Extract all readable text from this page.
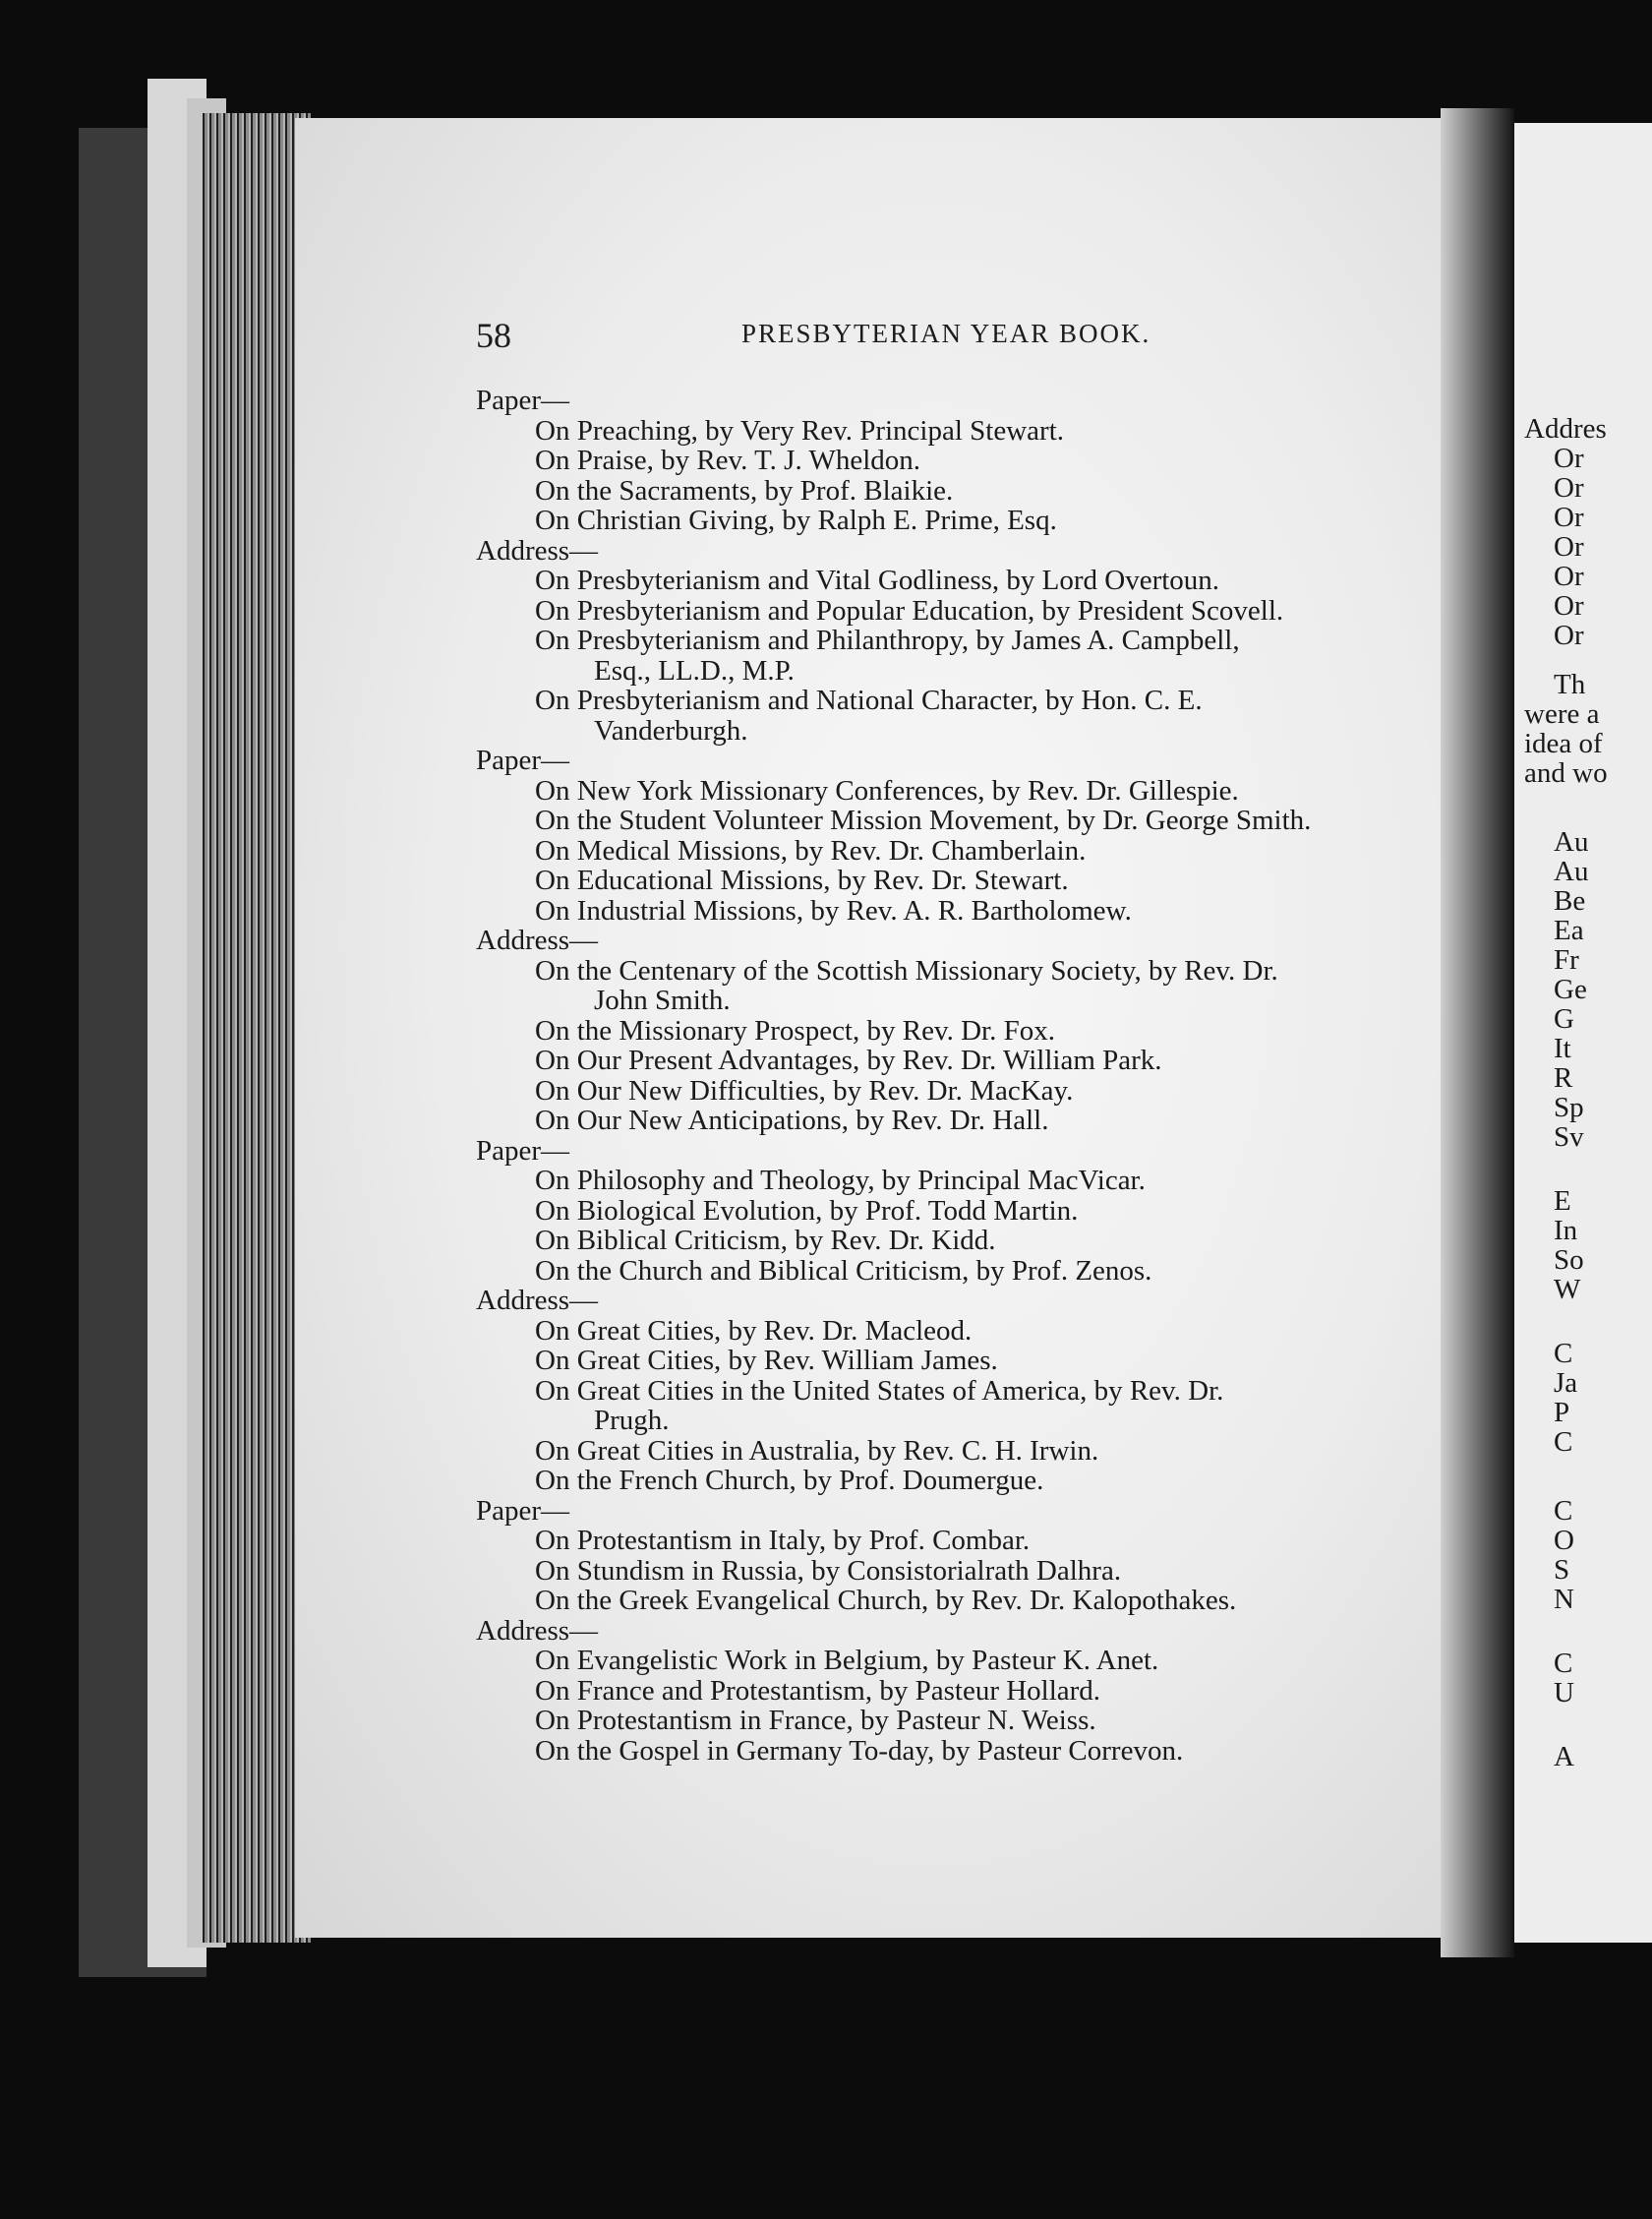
58	PRESBYTERIAN YEAR BOOK.
Paper—
On Preaching, by Very Rev. Principal Stewart.
On Praise, by Rev. T. J. Wheldon.
On the Sacraments, by Prof. Blaikie.
On Christian Giving, by Ralph E. Prime, Esq.
Address—
On Presbyterianism and Vital Godliness, by Lord Overtoun.
On Presbyterianism and Popular Education, by President Scovell.
On Presbyterianism and Philanthropy, by James A. Campbell,
Esq., LL.D., M.P.
On Presbyterianism and National Character, by Hon. C. E.
Vanderburgh.
Paper—
On New York Missionary Conferences, by Rev. Dr. Gillespie.
On the Student Volunteer Mission Movement, by Dr. George Smith.
On Medical Missions, by Rev. Dr. Chamberlain.
On Educational Missions, by Rev. Dr. Stewart.
On Industrial Missions, by Rev. A. R. Bartholomew.
Address—
On the Centenary of the Scottish Missionary Society, by Rev. Dr.
John Smith.
On the Missionary Prospect, by Rev. Dr. Fox.
On Our Present Advantages, by Rev. Dr. William Park.
On Our New Difficulties, by Rev. Dr. MacKay.
On Our New Anticipations, by Rev. Dr. Hall.
Paper—
On Philosophy and Theology, by Principal MacVicar.
On Biological Evolution, by Prof. Todd Martin.
On Biblical Criticism, by Rev. Dr. Kidd.
On the Church and Biblical Criticism, by Prof. Zenos.
Address—
On Great Cities, by Rev. Dr. Macleod.
On Great Cities, by Rev. William James.
On Great Cities in the United States of America, by Rev. Dr.
Prugh.
On Great Cities in Australia, by Rev. C. H. Irwin.
On the French Church, by Prof. Doumergue.
Paper—
On Protestantism in Italy, by Prof. Combar.
On Stundism in Russia, by Consistorialrath Dalhra.
On the Greek Evangelical Church, by Rev. Dr. Kalopothakes.
Address—
On Evangelistic Work in Belgium, by Pasteur K. Anet.
On France and Protestantism, by Pasteur Hollard.
On Protestantism in France, by Pasteur N. Weiss.
On the Gospel in Germany To-day, by Pasteur Correvon.
Addres
Or
Or
Or
Or
Or
Or
Or
Th
were a
idea of
and wo
Au
Au
Be
Ea
Fr
Ge
G
It
R
Sp
Sv
E
In
So
W
C
Ja
P
C
C
O
S
N
C
U
A
